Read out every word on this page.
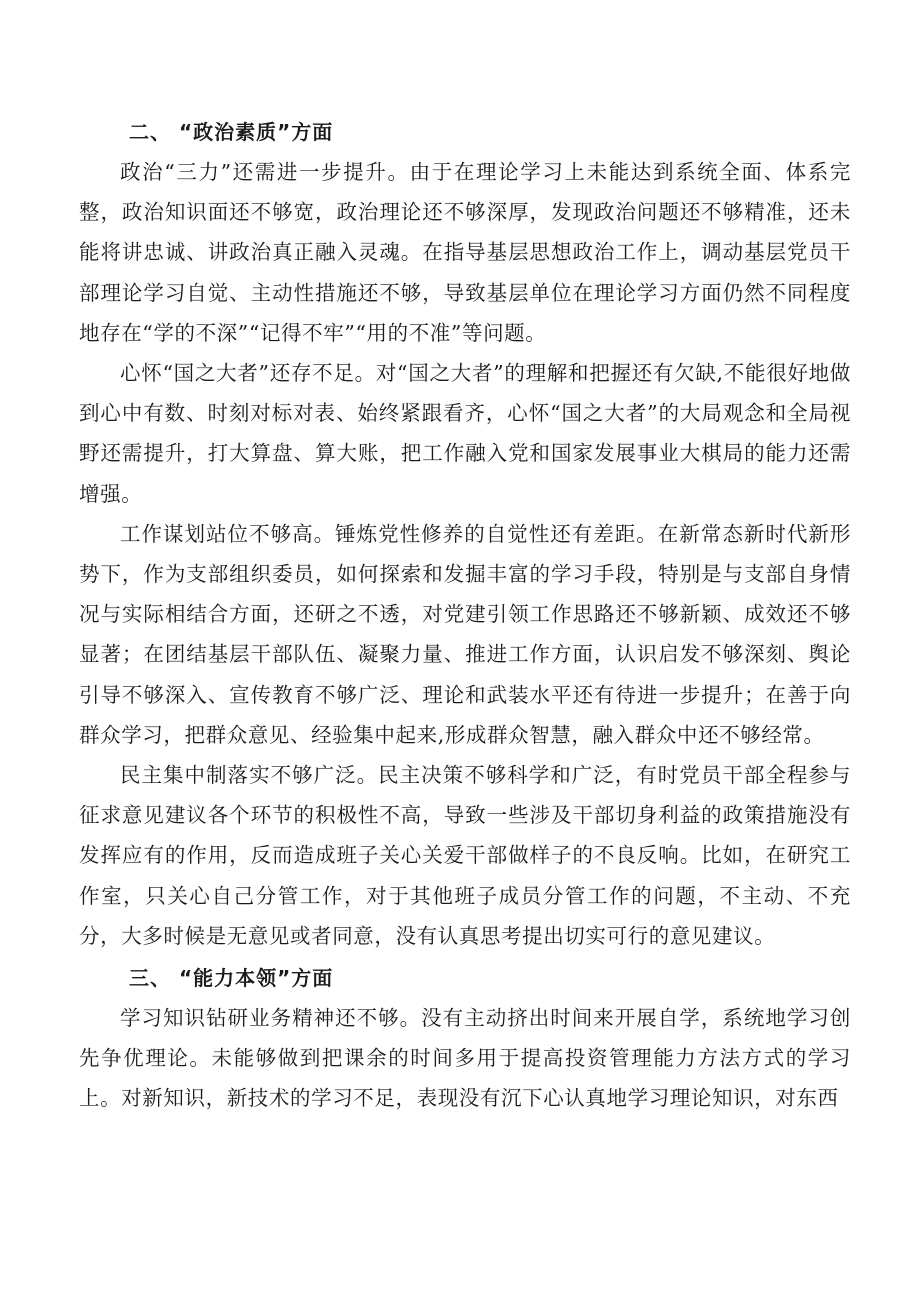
二、 “政治素质”方面

政治“三力”还需进一步提升。由于在理论学习上未能达到系统全面、体系完整，政治知识面还不够宽，政治理论还不够深厚，发现政治问题还不够精准，还未能将讲忠诚、讲政治真正融入灵魂。在指导基层思想政治工作上，调动基层党员干部理论学习自觉、主动性措施还不够，导致基层单位在理论学习方面仍然不同程度地存在“学的不深”“记得不牢”“用的不准”等问题。

心怀“国之大者”还存不足。对“国之大者”的理解和把握还有欠缺,不能很好地做到心中有数、时刻对标对表、始终紧跟看齐，心怀“国之大者”的大局观念和全局视野还需提升，打大算盘、算大账，把工作融入党和国家发展事业大棋局的能力还需增强。

工作谋划站位不够高。锤炼党性修养的自觉性还有差距。在新常态新时代新形势下，作为支部组织委员，如何探索和发掘丰富的学习手段，特别是与支部自身情况与实际相结合方面，还研之不透，对党建引领工作思路还不够新颖、成效还不够显著；在团结基层干部队伍、凝聚力量、推进工作方面，认识启发不够深刻、舆论引导不够深入、宣传教育不够广泛、理论和武装水平还有待进一步提升；在善于向群众学习，把群众意见、经验集中起来,形成群众智慧，融入群众中还不够经常。

民主集中制落实不够广泛。民主决策不够科学和广泛，有时党员干部全程参与征求意见建议各个环节的积极性不高，导致一些涉及干部切身利益的政策措施没有发挥应有的作用，反而造成班子关心关爱干部做样子的不良反响。比如，在研究工作室，只关心自己分管工作，对于其他班子成员分管工作的问题，不主动、不充分，大多时候是无意见或者同意，没有认真思考提出切实可行的意见建议。

三、 “能力本领”方面

学习知识钻研业务精神还不够。没有主动挤出时间来开展自学，系统地学习创先争优理论。未能够做到把课余的时间多用于提高投资管理能力方法方式的学习上。对新知识，新技术的学习不足，表现没有沉下心认真地学习理论知识，对东西
